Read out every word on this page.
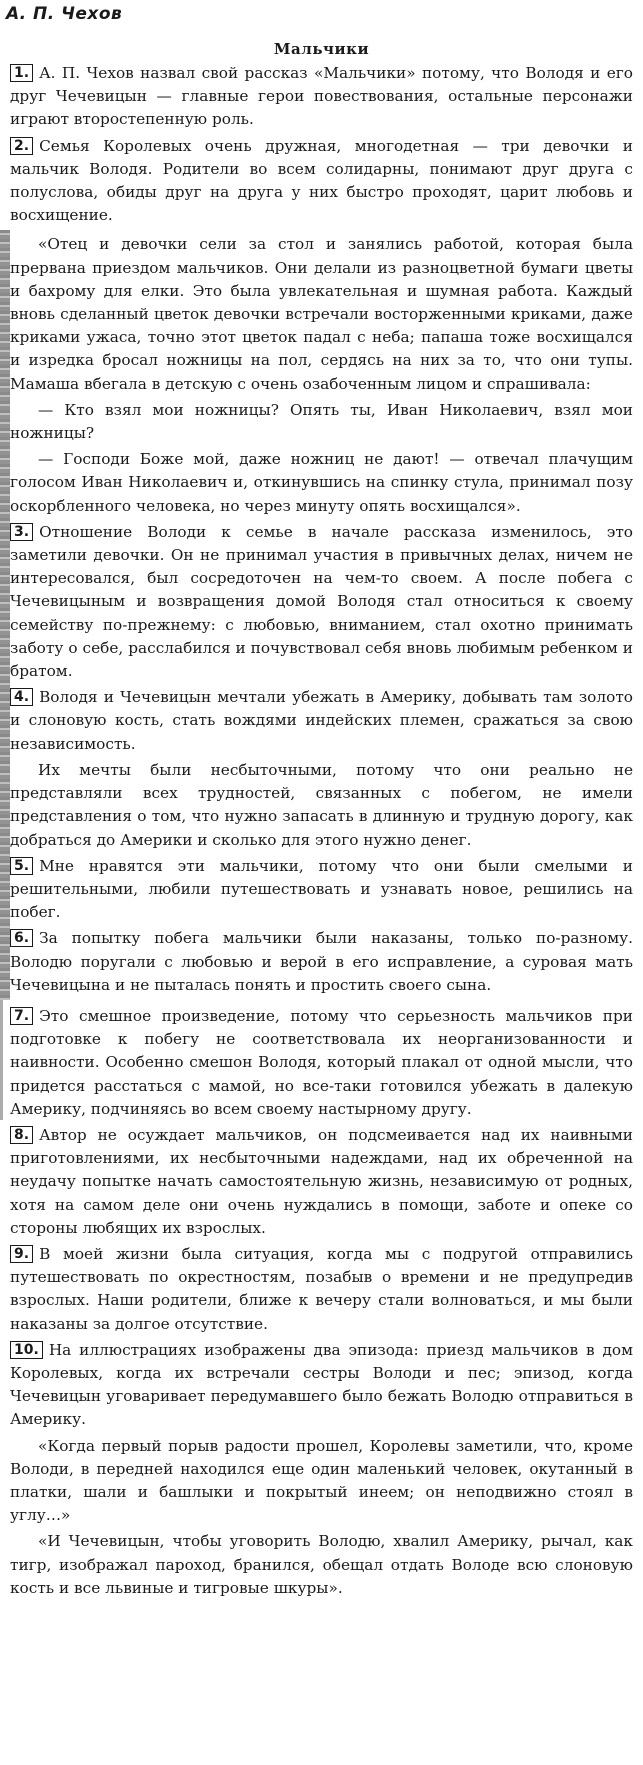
А. П. Чехов
Мальчики

1. А. П. Чехов назвал свой рассказ «Мальчики» потому, что Володя и его друг Чечевицын — главные герои повествования, остальные персонажи играют второстепенную роль.

2. Семья Королевых очень дружная, многодетная — три девочки и мальчик Володя. Родители во всем солидарны, понимают друг друга с полуслова, обиды друг на друга у них быстро проходят, царит любовь и восхищение.

«Отец и девочки сели за стол и занялись работой, которая была прервана приездом мальчиков. Они делали из разноцветной бумаги цветы и бахрому для елки. Это была увлекательная и шумная работа. Каждый вновь сделанный цветок девочки встречали восторженными криками, даже криками ужаса, точно этот цветок падал с неба; папаша тоже восхищался и изредка бросал ножницы на пол, сердясь на них за то, что они тупы. Мамаша вбегала в детскую с очень озабоченным лицом и спрашивала:

— Кто взял мои ножницы? Опять ты, Иван Николаевич, взял мои ножницы?

— Господи Боже мой, даже ножниц не дают! — отвечал плачущим голосом Иван Николаевич и, откинувшись на спинку стула, принимал позу оскорбленного человека, но через минуту опять восхищался».

3. Отношение Володи к семье в начале рассказа изменилось, это заметили девочки. Он не принимал участия в привычных делах, ничем не интересовался, был сосредоточен на чем-то своем. А после побега с Чечевицыным и возвращения домой Володя стал относиться к своему семейству по-прежнему: с любовью, вниманием, стал охотно принимать заботу о себе, расслабился и почувствовал себя вновь любимым ребенком и братом.

4. Володя и Чечевицын мечтали убежать в Америку, добывать там золото и слоновую кость, стать вождями индейских племен, сражаться за свою независимость.

Их мечты были несбыточными, потому что они реально не представляли всех трудностей, связанных с побегом, не имели представления о том, что нужно запасать в длинную и трудную дорогу, как добраться до Америки и сколько для этого нужно денег.

5. Мне нравятся эти мальчики, потому что они были смелыми и решительными, любили путешествовать и узнавать новое, решились на побег.

6. За попытку побега мальчики были наказаны, только по-разному. Володю поругали с любовью и верой в его исправление, а суровая мать Чечевицына и не пыталась понять и простить своего сына.

7. Это смешное произведение, потому что серьезность мальчиков при подготовке к побегу не соответствовала их неорганизованности и наивности. Особенно смешон Володя, который плакал от одной мысли, что придется расстаться с мамой, но все-таки готовился убежать в далекую Америку, подчиняясь во всем своему настырному другу.

8. Автор не осуждает мальчиков, он подсмеивается над их наивными приготовлениями, их несбыточными надеждами, над их обреченной на неудачу попытке начать самостоятельную жизнь, независимую от родных, хотя на самом деле они очень нуждались в помощи, заботе и опеке со стороны любящих их взрослых.

9. В моей жизни была ситуация, когда мы с подругой отправились путешествовать по окрестностям, позабыв о времени и не предупредив взрослых. Наши родители, ближе к вечеру стали волноваться, и мы были наказаны за долгое отсутствие.

10. На иллюстрациях изображены два эпизода: приезд мальчиков в дом Королевых, когда их встречали сестры Володи и пес; эпизод, когда Чечевицын уговаривает передумавшего было бежать Володю отправиться в Америку.

«Когда первый порыв радости прошел, Королевы заметили, что, кроме Володи, в передней находился еще один маленький человек, окутанный в платки, шали и башлыки и покрытый инеем; он неподвижно стоял в углу…»

«И Чечевицын, чтобы уговорить Володю, хвалил Америку, рычал, как тигр, изображал пароход, бранился, обещал отдать Володе всю слоновую кость и все львиные и тигровые шкуры».
